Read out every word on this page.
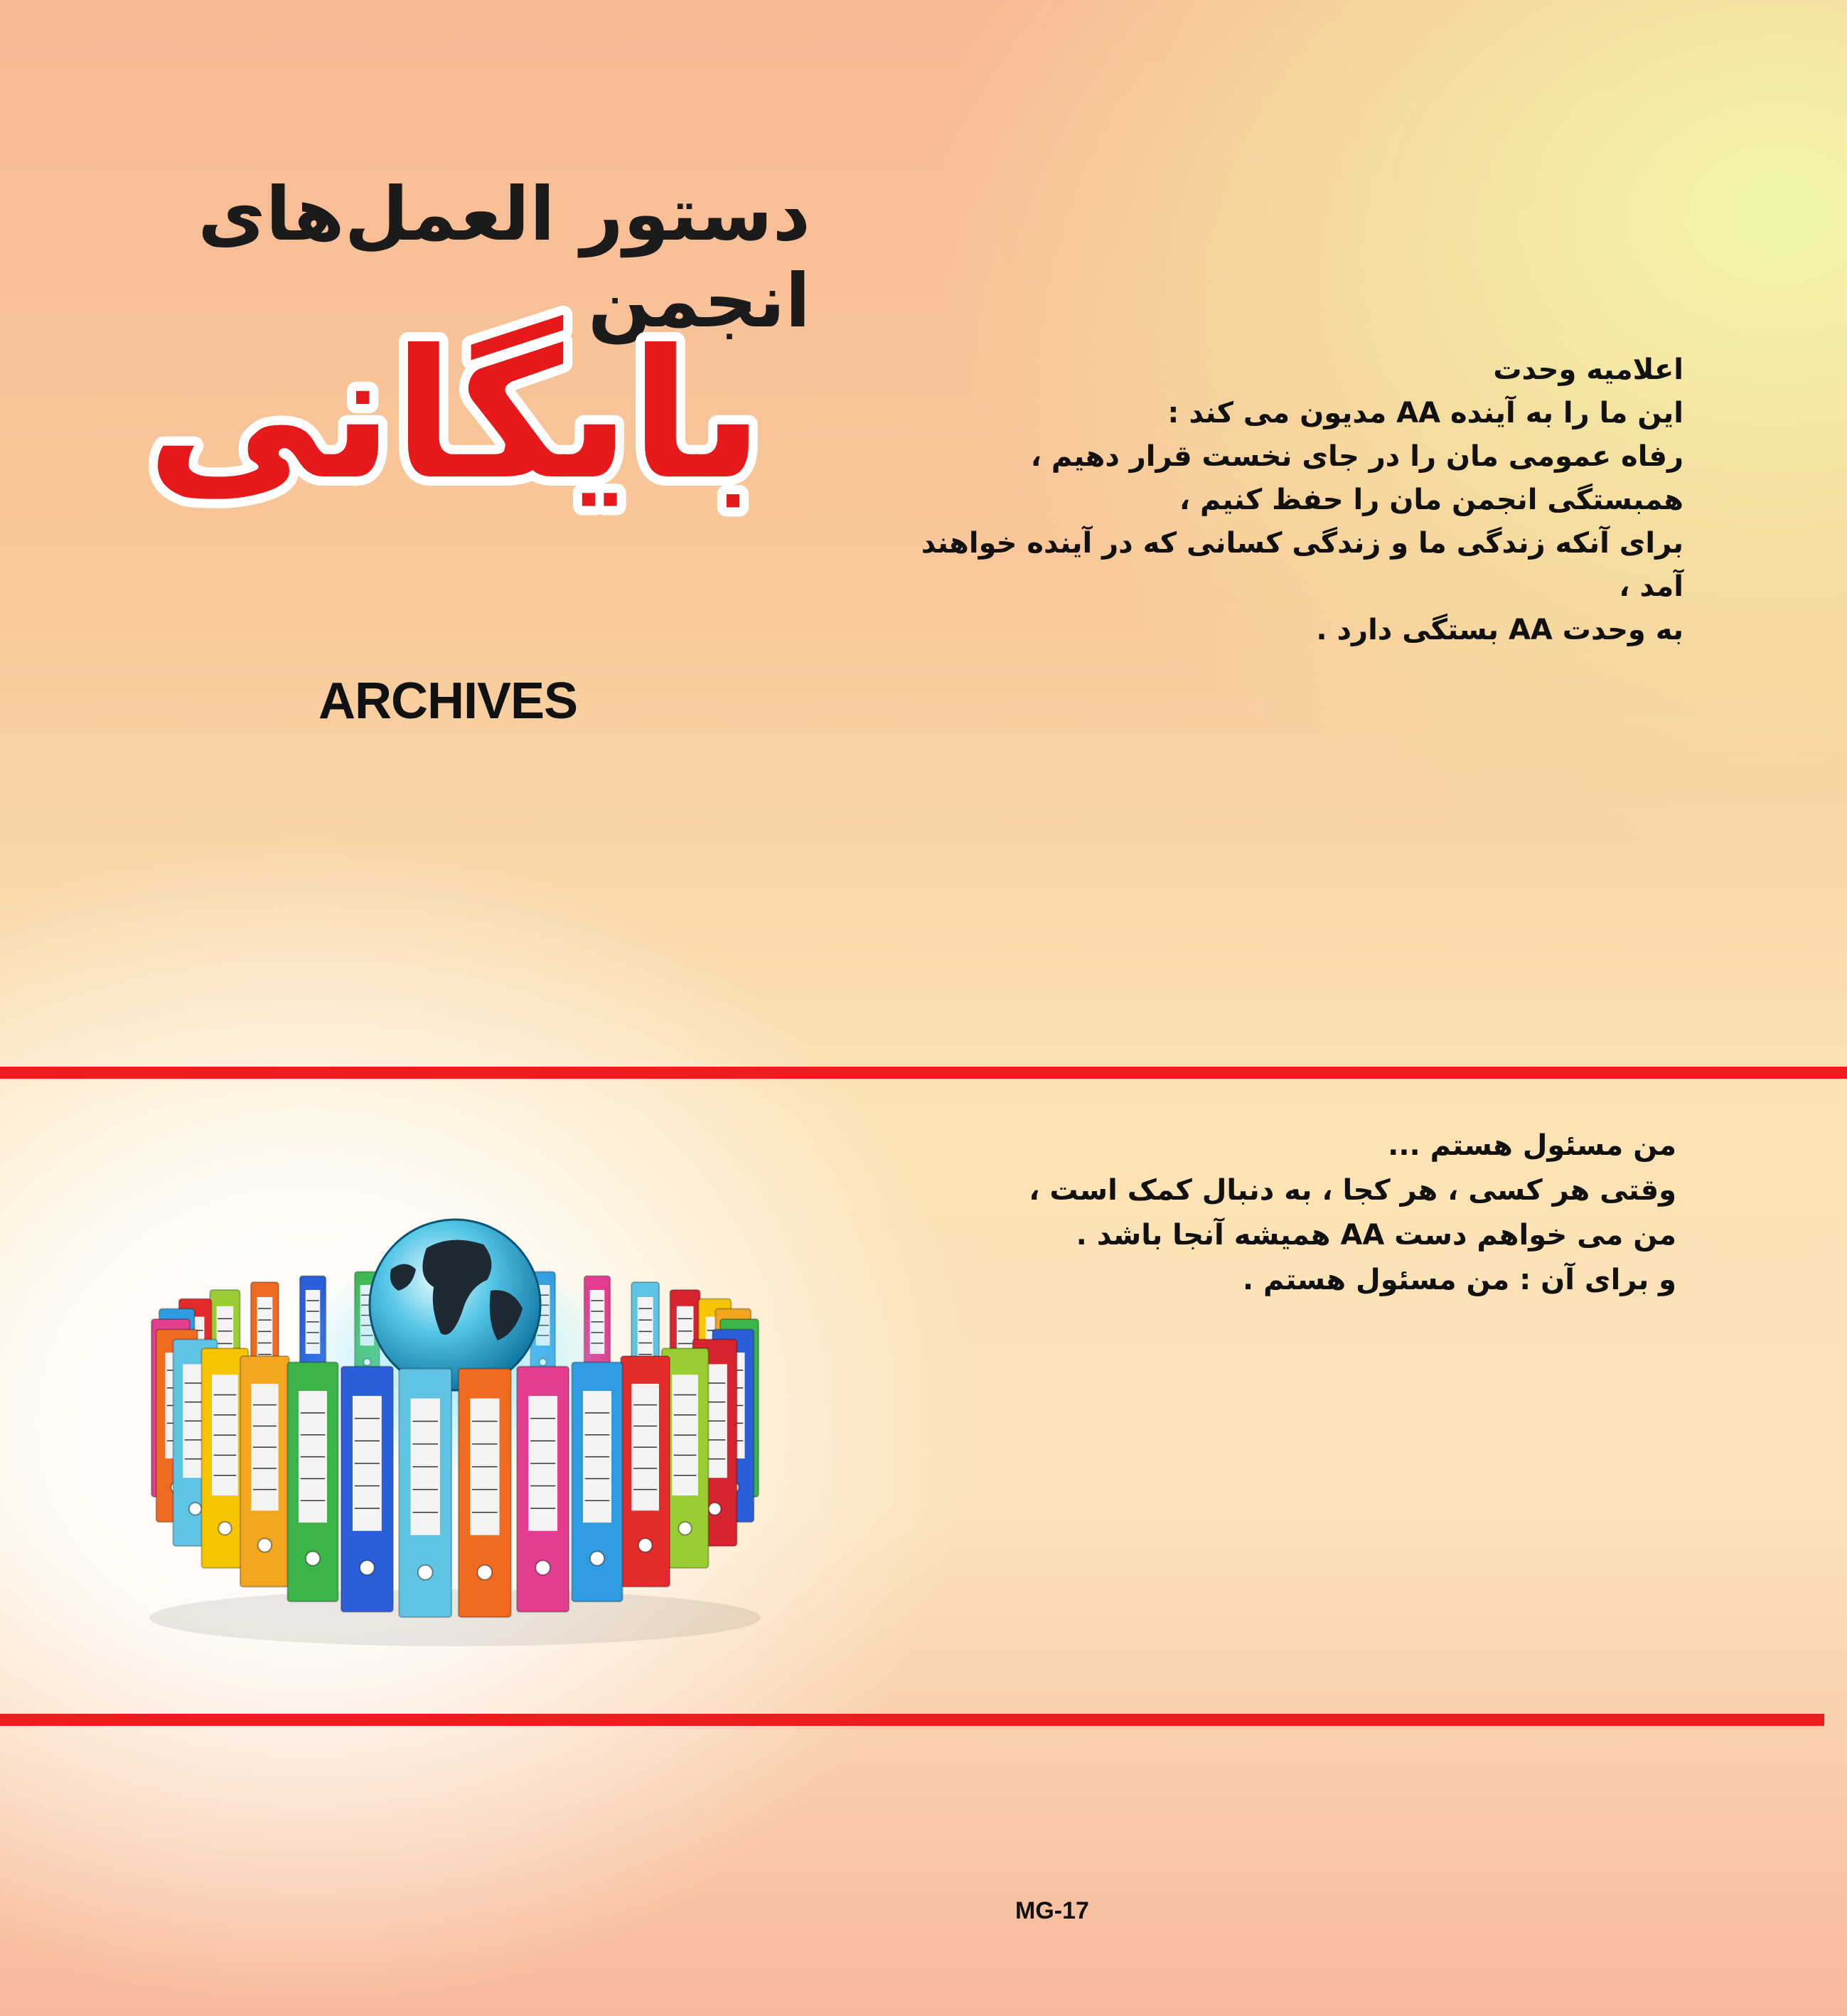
دستور العمل‌های انجمن
بایگانی
ARCHIVES
اعلامیه وحدت
این ما را به آینده AA مدیون می کند :
رفاه عمومی مان را در جای نخست قرار دهیم ،
همبستگی انجمن مان را حفظ کنیم ،
برای آنکه زندگی ما و زندگی کسانی که در آینده خواهند
آمد ،
به وحدت AA بستگی دارد .
من مسئول هستم ...
وقتی هر کسی ، هر کجا ، به دنبال کمک است ،
من می خواهم دست AA همیشه آنجا باشد .
و برای آن : من مسئول هستم .
MG-17
